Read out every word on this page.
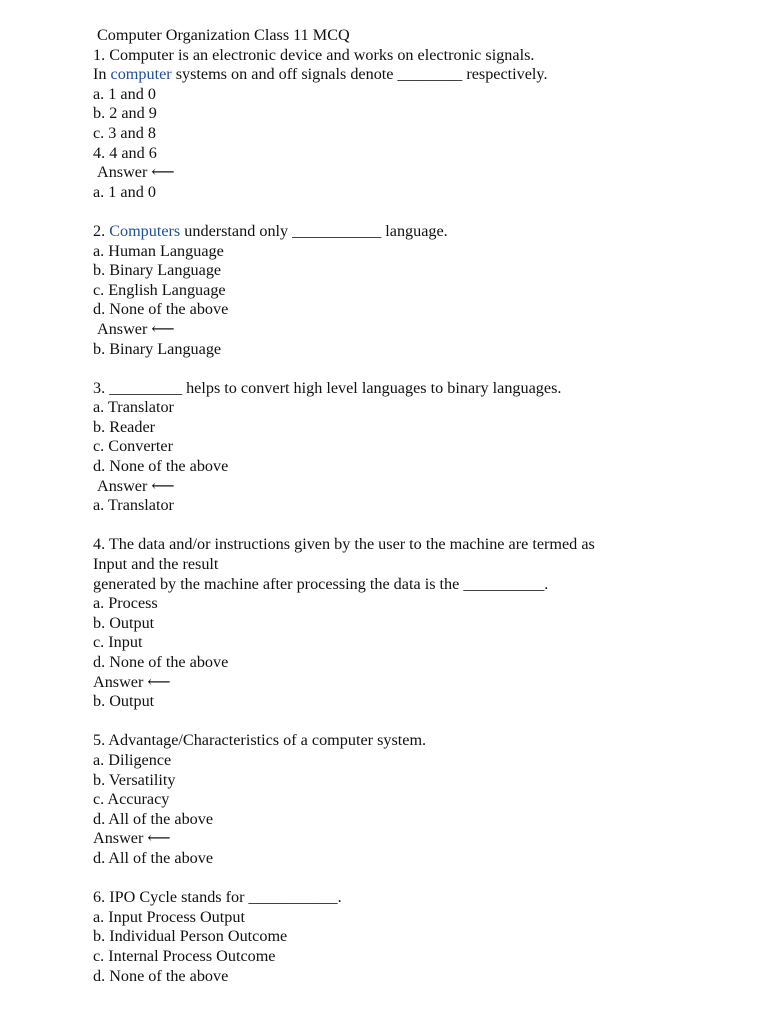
Computer Organization Class 11 MCQ
1. Computer is an electronic device and works on electronic signals.
In computer systems on and off signals denote ________ respectively.
a. 1 and 0
b. 2 and 9
c. 3 and 8
4. 4 and 6
Answer ⟵
a. 1 and 0
2. Computers understand only ___________ language.
a. Human Language
b. Binary Language
c. English Language
d. None of the above
Answer ⟵
b. Binary Language
3. _________ helps to convert high level languages to binary languages.
a. Translator
b. Reader
c. Converter
d. None of the above
Answer ⟵
a. Translator
4. The data and/or instructions given by the user to the machine are termed as
Input and the result
generated by the machine after processing the data is the __________.
a. Process
b. Output
c. Input
d. None of the above
Answer ⟵
b. Output
5. Advantage/Characteristics of a computer system.
a. Diligence
b. Versatility
c. Accuracy
d. All of the above
Answer ⟵
d. All of the above
6. IPO Cycle stands for ___________.
a. Input Process Output
b. Individual Person Outcome
c. Internal Process Outcome
d. None of the above
